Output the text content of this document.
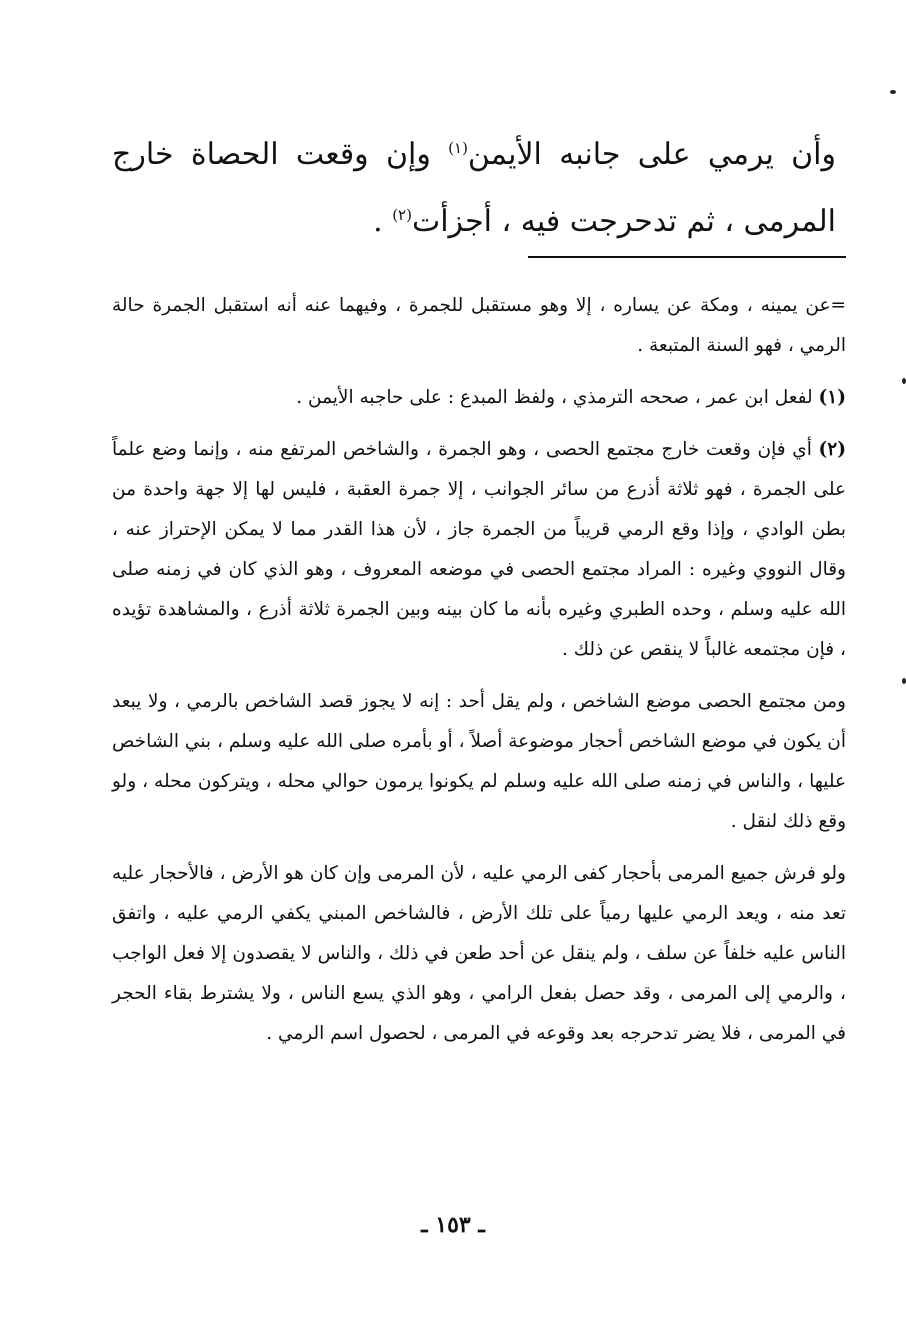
وأن يرمي على جانبه الأيمن$^{(١)}$ وإن وقعت الحصاة خارج المرمى ، ثم تدحرجت فيه ، أجزأت$^{(٢)}$ .

=عن يمينه ، ومكة عن يساره ، إلا وهو مستقبل للجمرة ، وفيهما عنه أنه استقبل الجمرة حالة الرمي ، فهو السنة المتبعة .

(١) لفعل ابن عمر ، صححه الترمذي ، ولفظ المبدع : على حاجبه الأيمن .

(٢) أي فإن وقعت خارج مجتمع الحصى ، وهو الجمرة ، والشاخص المرتفع منه ، وإنما وضع علماً على الجمرة ، فهو ثلاثة أذرع من سائر الجوانب ، إلا جمرة العقبة ، فليس لها إلا جهة واحدة من بطن الوادي ، وإذا وقع الرمي قريباً من الجمرة جاز ، لأن هذا القدر مما لا يمكن الإحتراز عنه ، وقال النووي وغيره : المراد مجتمع الحصى في موضعه المعروف ، وهو الذي كان في زمنه صلى الله عليه وسلم ، وحده الطبري وغيره بأنه ما كان بينه وبين الجمرة ثلاثة أذرع ، والمشاهدة تؤيده ، فإن مجتمعه غالباً لا ينقص عن ذلك .

ومن مجتمع الحصى موضع الشاخص ، ولم يقل أحد : إنه لا يجوز قصد الشاخص بالرمي ، ولا يبعد أن يكون في موضع الشاخص أحجار موضوعة أصلاً ، أو بأمره صلى الله عليه وسلم ، بني الشاخص عليها ، والناس في زمنه صلى الله عليه وسلم لم يكونوا يرمون حوالي محله ، ويتركون محله ، ولو وقع ذلك لنقل .

ولو فرش جميع المرمى بأحجار كفى الرمي عليه ، لأن المرمى وإن كان هو الأرض ، فالأحجار عليه تعد منه ، ويعد الرمي عليها رمياً على تلك الأرض ، فالشاخص المبني يكفي الرمي عليه ، واتفق الناس عليه خلفاً عن سلف ، ولم ينقل عن أحد طعن في ذلك ، والناس لا يقصدون إلا فعل الواجب ، والرمي إلى المرمى ، وقد حصل بفعل الرامي ، وهو الذي يسع الناس ، ولا يشترط بقاء الحجر في المرمى ، فلا يضر تدحرجه بعد وقوعه في المرمى ، لحصول اسم الرمي .

ـ ١٥٣ ـ
